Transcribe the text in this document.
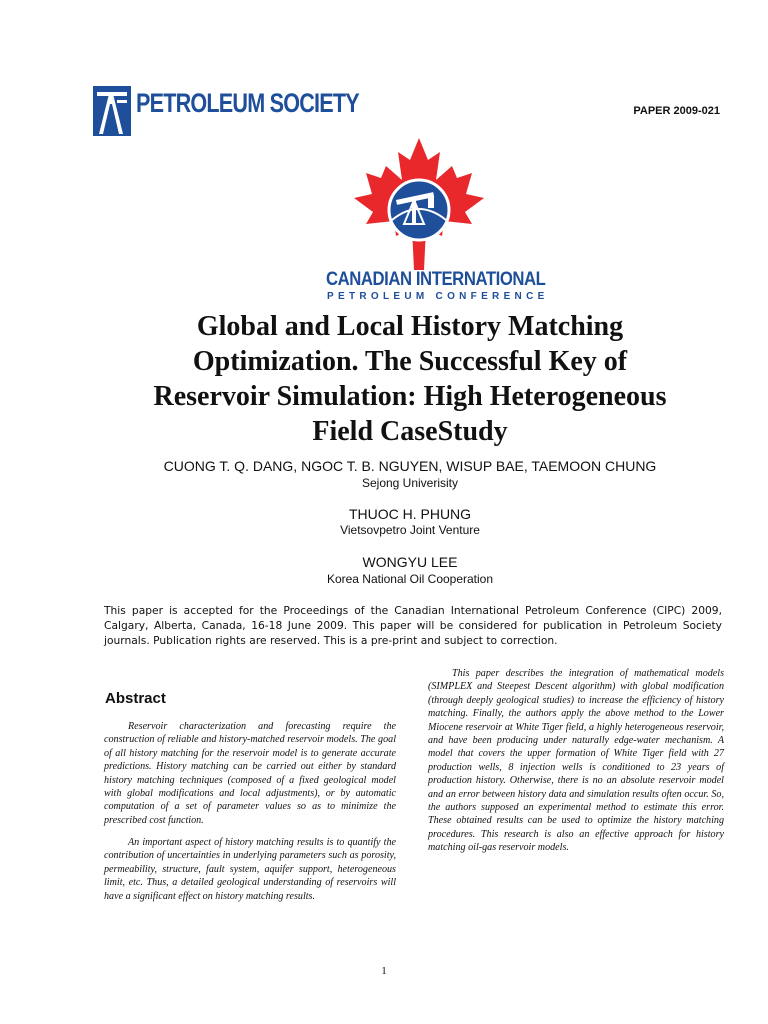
PETROLEUM SOCIETY	PAPER 2009-021
CANADIAN INTERNATIONAL
PETROLEUM CONFERENCE
Global and Local History Matching
Optimization. The Successful Key of
Reservoir Simulation: High Heterogeneous
Field CaseStudy
CUONG T. Q. DANG, NGOC T. B. NGUYEN, WISUP BAE, TAEMOON CHUNG
Sejong Univerisity
THUOC H. PHUNG
Vietsovpetro Joint Venture
WONGYU LEE
Korea National Oil Cooperation
This paper is accepted for the Proceedings of the Canadian International Petroleum Conference (CIPC) 2009, Calgary, Alberta, Canada, 16-18 June 2009. This paper will be considered for publication in Petroleum Society journals. Publication rights are reserved. This is a pre-print and subject to correction.
Abstract
Reservoir characterization and forecasting require the construction of reliable and history-matched reservoir models. The goal of all history matching for the reservoir model is to generate accurate predictions. History matching can be carried out either by standard history matching techniques (composed of a fixed geological model with global modifications and local adjustments), or by automatic computation of a set of parameter values so as to minimize the prescribed cost function.
An important aspect of history matching results is to quantify the contribution of uncertainties in underlying parameters such as porosity, permeability, structure, fault system, aquifer support, heterogeneous limit, etc. Thus, a detailed geological understanding of reservoirs will have a significant effect on history matching results.
This paper describes the integration of mathematical models (SIMPLEX and Steepest Descent algorithm) with global modification (through deeply geological studies) to increase the efficiency of history matching. Finally, the authors apply the above method to the Lower Miocene reservoir at White Tiger field, a highly heterogeneous reservoir, and have been producing under naturally edge-water mechanism. A model that covers the upper formation of White Tiger field with 27 production wells, 8 injection wells is conditioned to 23 years of production history. Otherwise, there is no an absolute reservoir model and an error between history data and simulation results often occur. So, the authors supposed an experimental method to estimate this error. These obtained results can be used to optimize the history matching procedures. This research is also an effective approach for history matching oil-gas reservoir models.
1
